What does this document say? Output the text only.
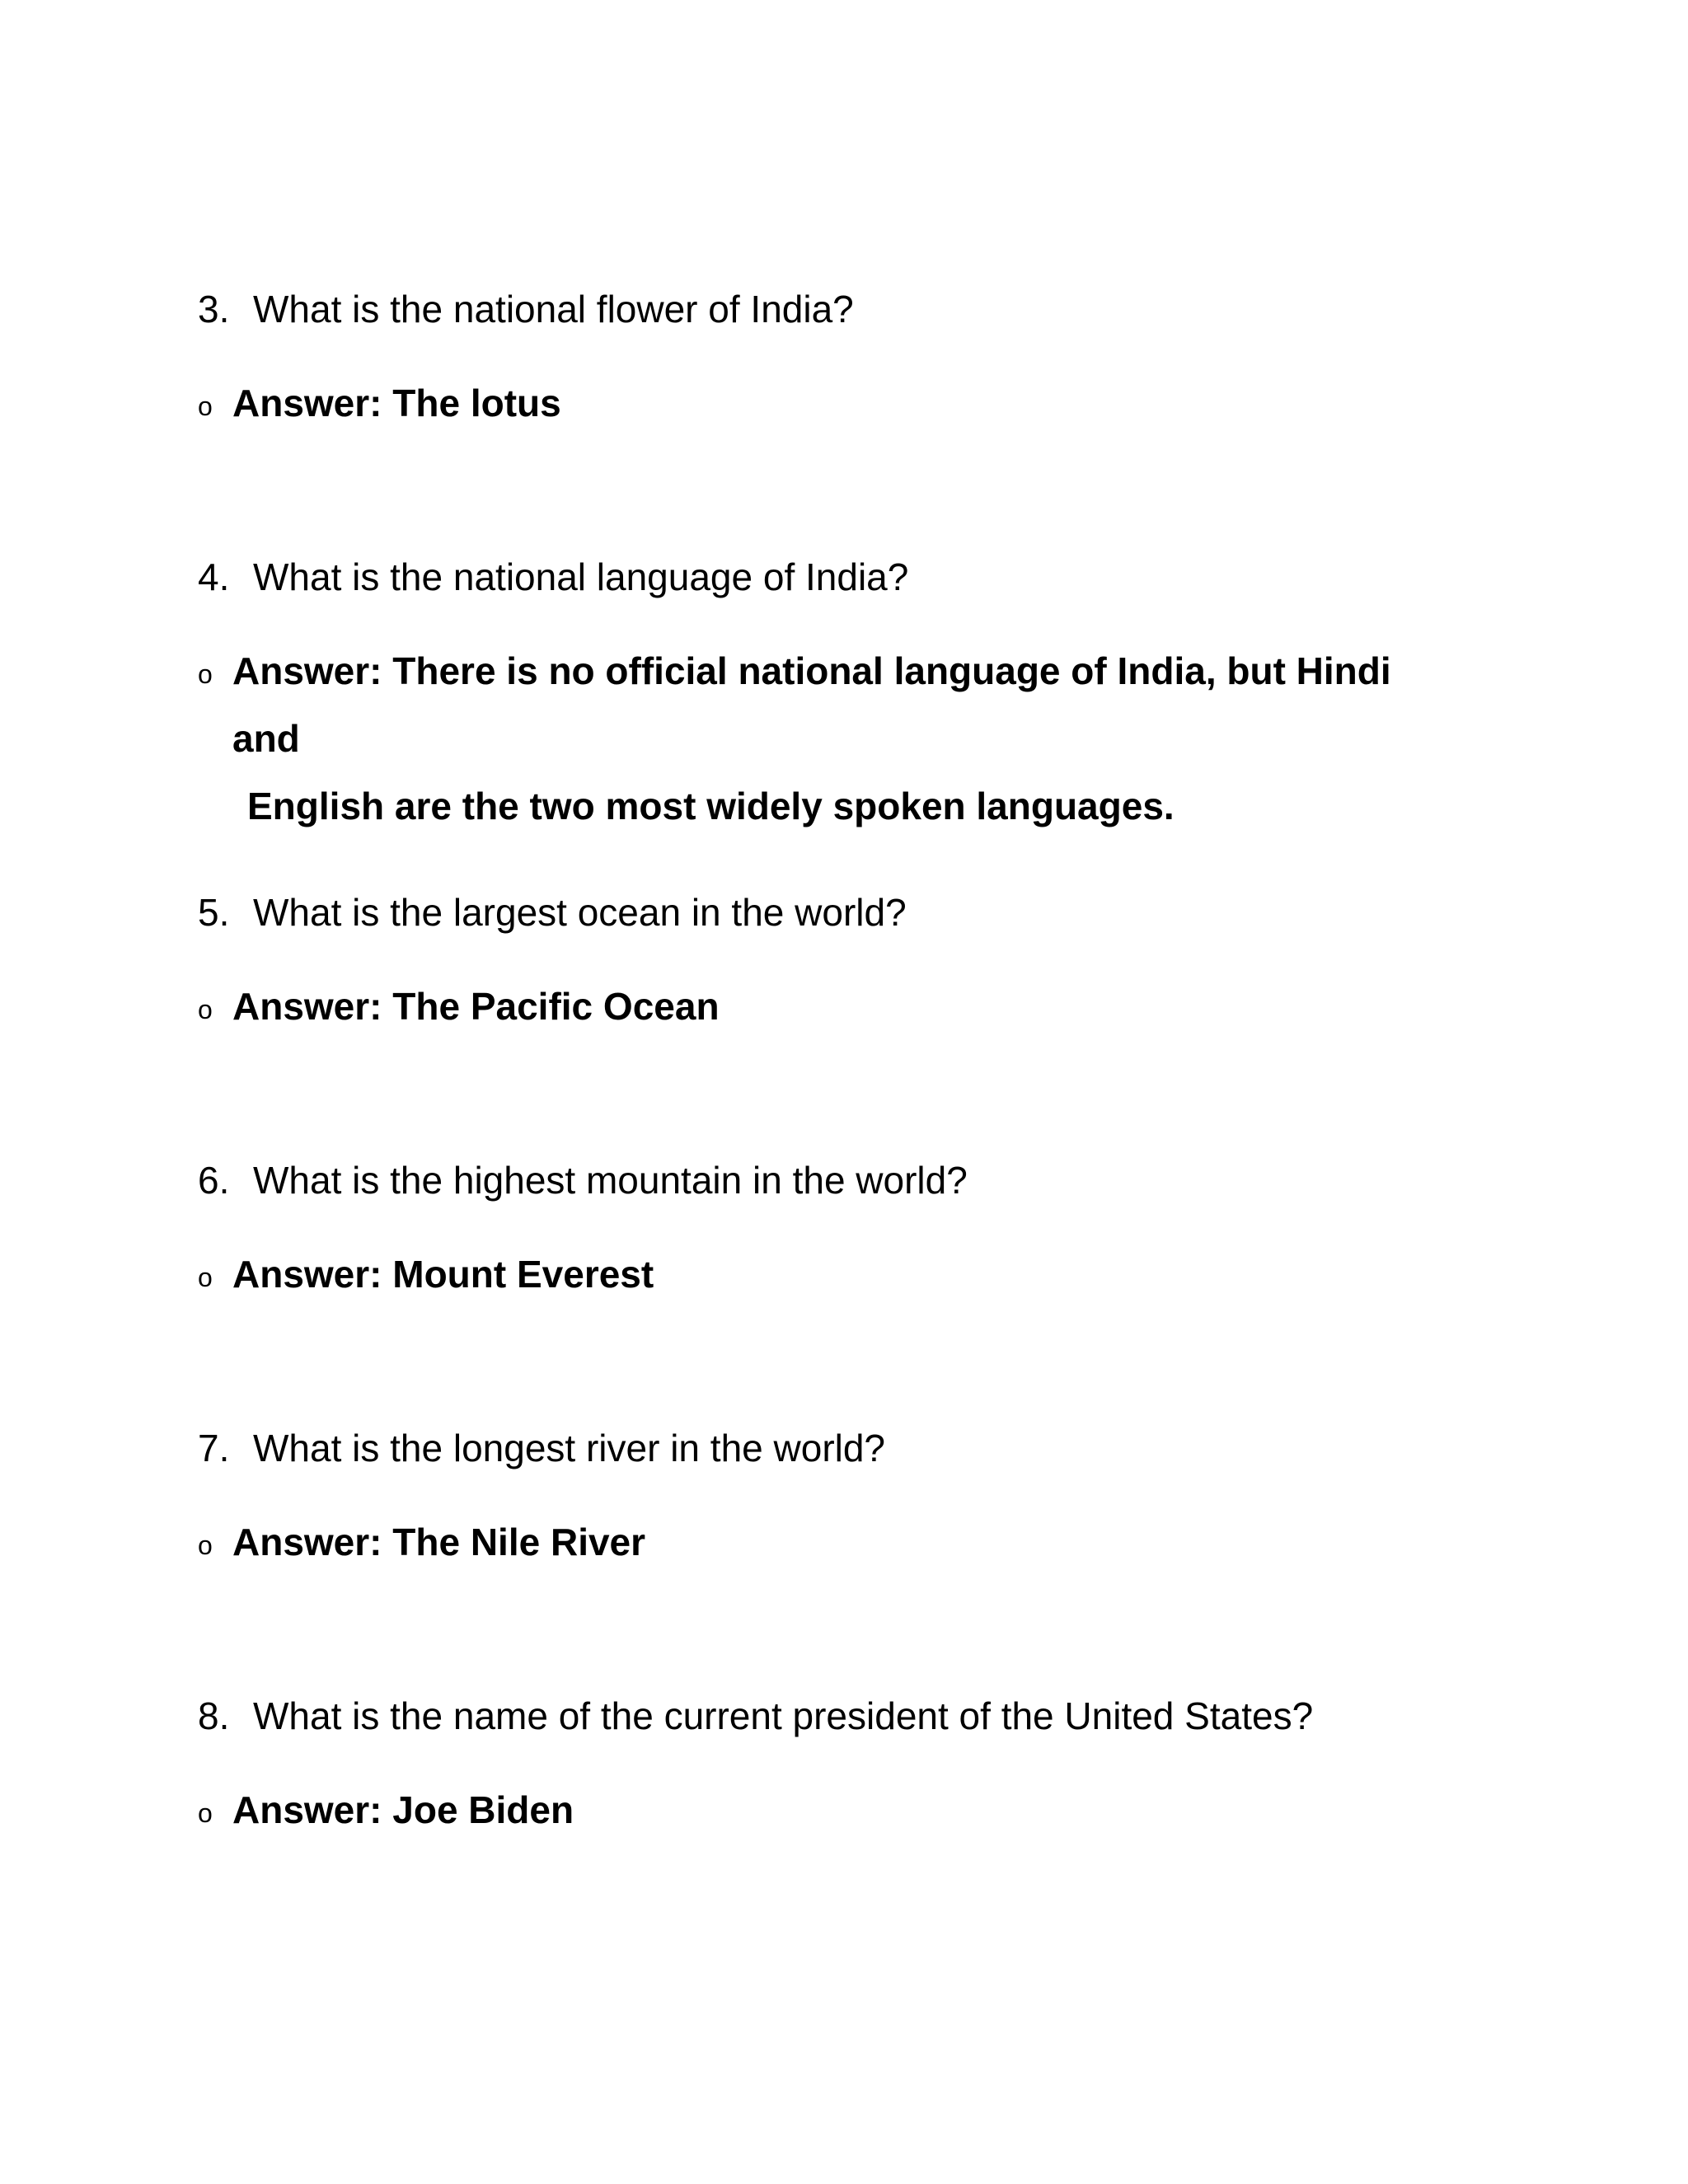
3. What is the national flower of India?
o Answer: The lotus
4. What is the national language of India?
o Answer: There is no official national language of India, but Hindi and
English are the two most widely spoken languages.
5. What is the largest ocean in the world?
o Answer: The Pacific Ocean
6. What is the highest mountain in the world?
o Answer: Mount Everest
7. What is the longest river in the world?
o Answer: The Nile River
8. What is the name of the current president of the United States?
o Answer: Joe Biden
